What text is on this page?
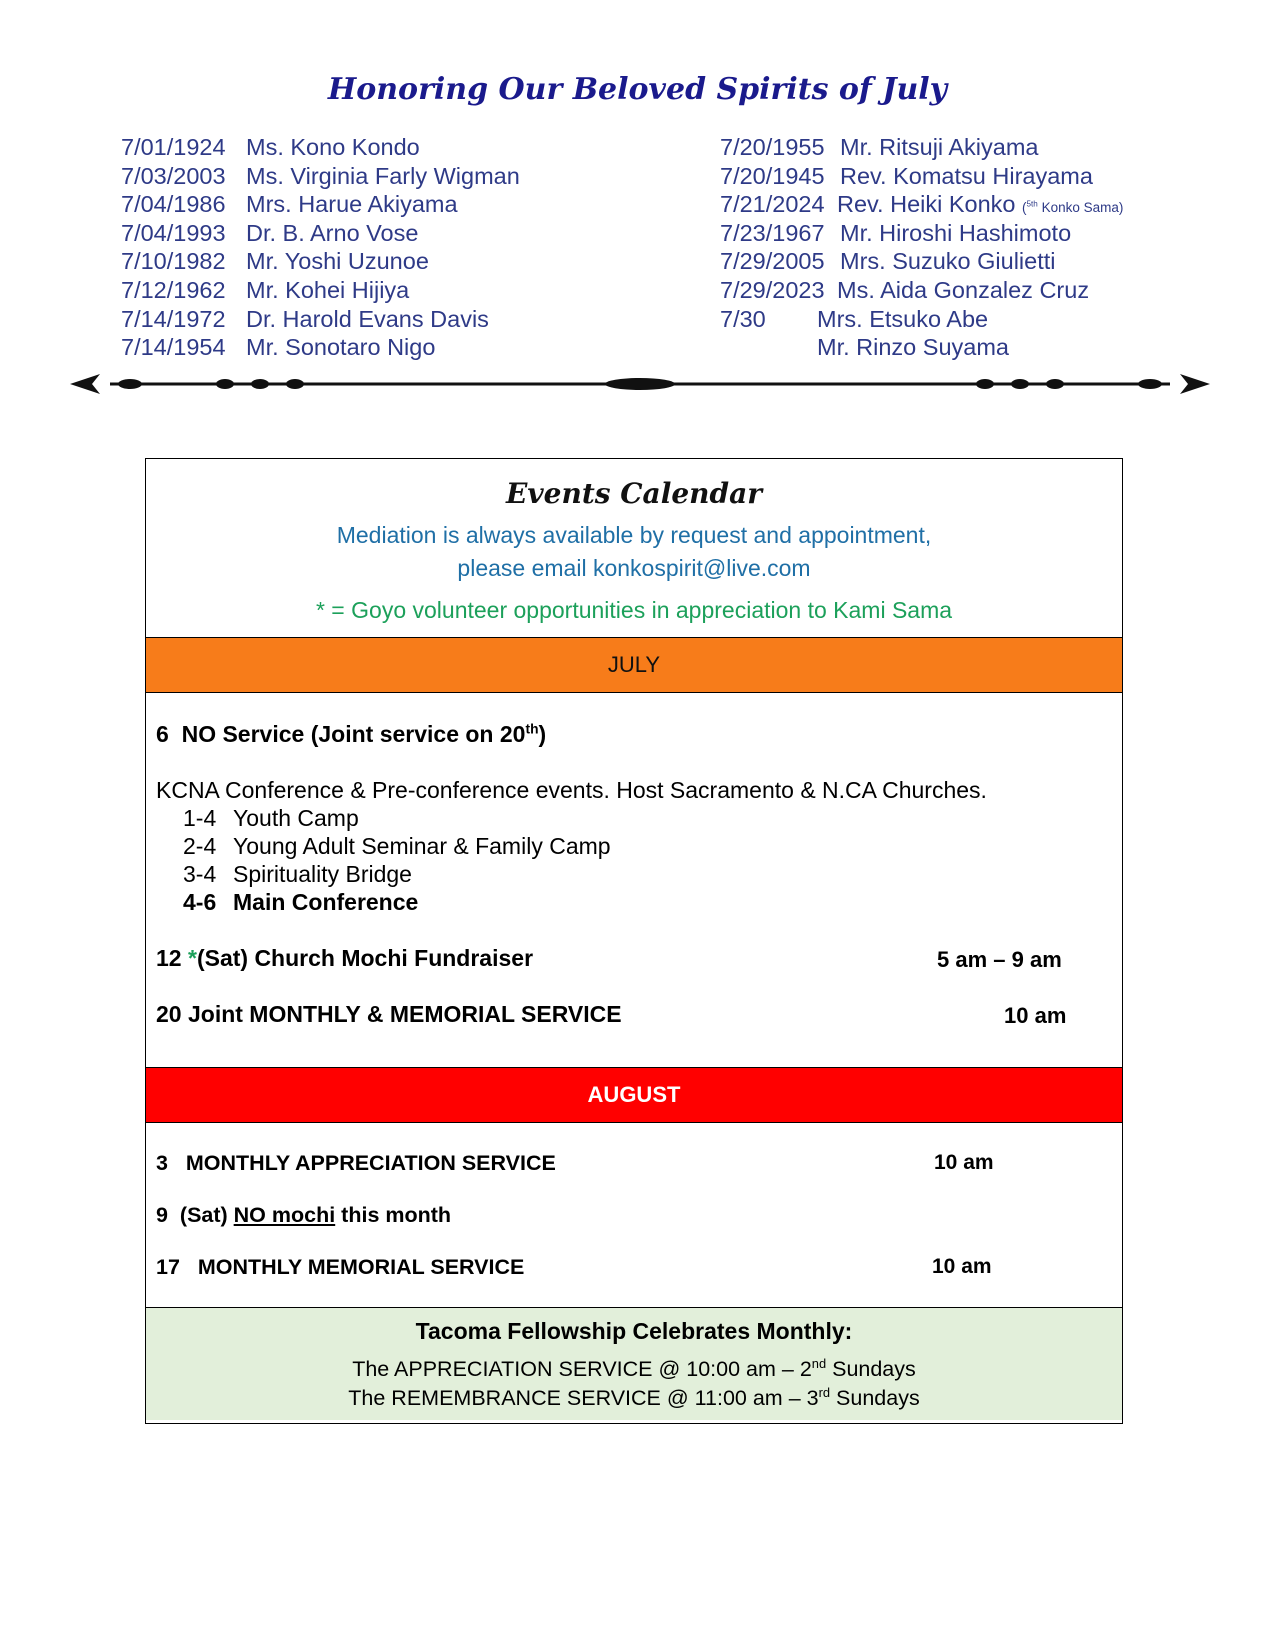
Honoring Our Beloved Spirits of July
7/01/1924 Ms. Kono Kondo
7/03/2003 Ms. Virginia Farly Wigman
7/04/1986 Mrs. Harue Akiyama
7/04/1993 Dr. B. Arno Vose
7/10/1982 Mr. Yoshi Uzunoe
7/12/1962 Mr. Kohei Hijiya
7/14/1972 Dr. Harold Evans Davis
7/14/1954 Mr. Sonotaro Nigo
7/20/1955 Mr. Ritsuji Akiyama
7/20/1945 Rev. Komatsu Hirayama
7/21/2024 Rev. Heiki Konko ($^{5th}$ Konko Sama)
7/23/1967 Mr. Hiroshi Hashimoto
7/29/2005 Mrs. Suzuko Giulietti
7/29/2023 Ms. Aida Gonzalez Cruz
7/30 Mrs. Etsuko Abe
Mr. Rinzo Suyama
Events Calendar
Mediation is always available by request and appointment,
please email konkospirit@live.com
* = Goyo volunteer opportunities in appreciation to Kami Sama
JULY
6 NO Service (Joint service on 20th)
KCNA Conference & Pre-conference events. Host Sacramento & N.CA Churches.
1-4 Youth Camp
2-4 Young Adult Seminar & Family Camp
3-4 Spirituality Bridge
4-6 Main Conference
12 *(Sat) Church Mochi Fundraiser	5 am – 9 am
20 Joint MONTHLY & MEMORIAL SERVICE	10 am
AUGUST
3   MONTHLY APPRECIATION SERVICE	10 am
9  (Sat) NO mochi this month
17   MONTHLY MEMORIAL SERVICE	10 am
Tacoma Fellowship Celebrates Monthly:
The APPRECIATION SERVICE @ 10:00 am – 2nd Sundays
The REMEMBRANCE SERVICE @ 11:00 am – 3rd Sundays
